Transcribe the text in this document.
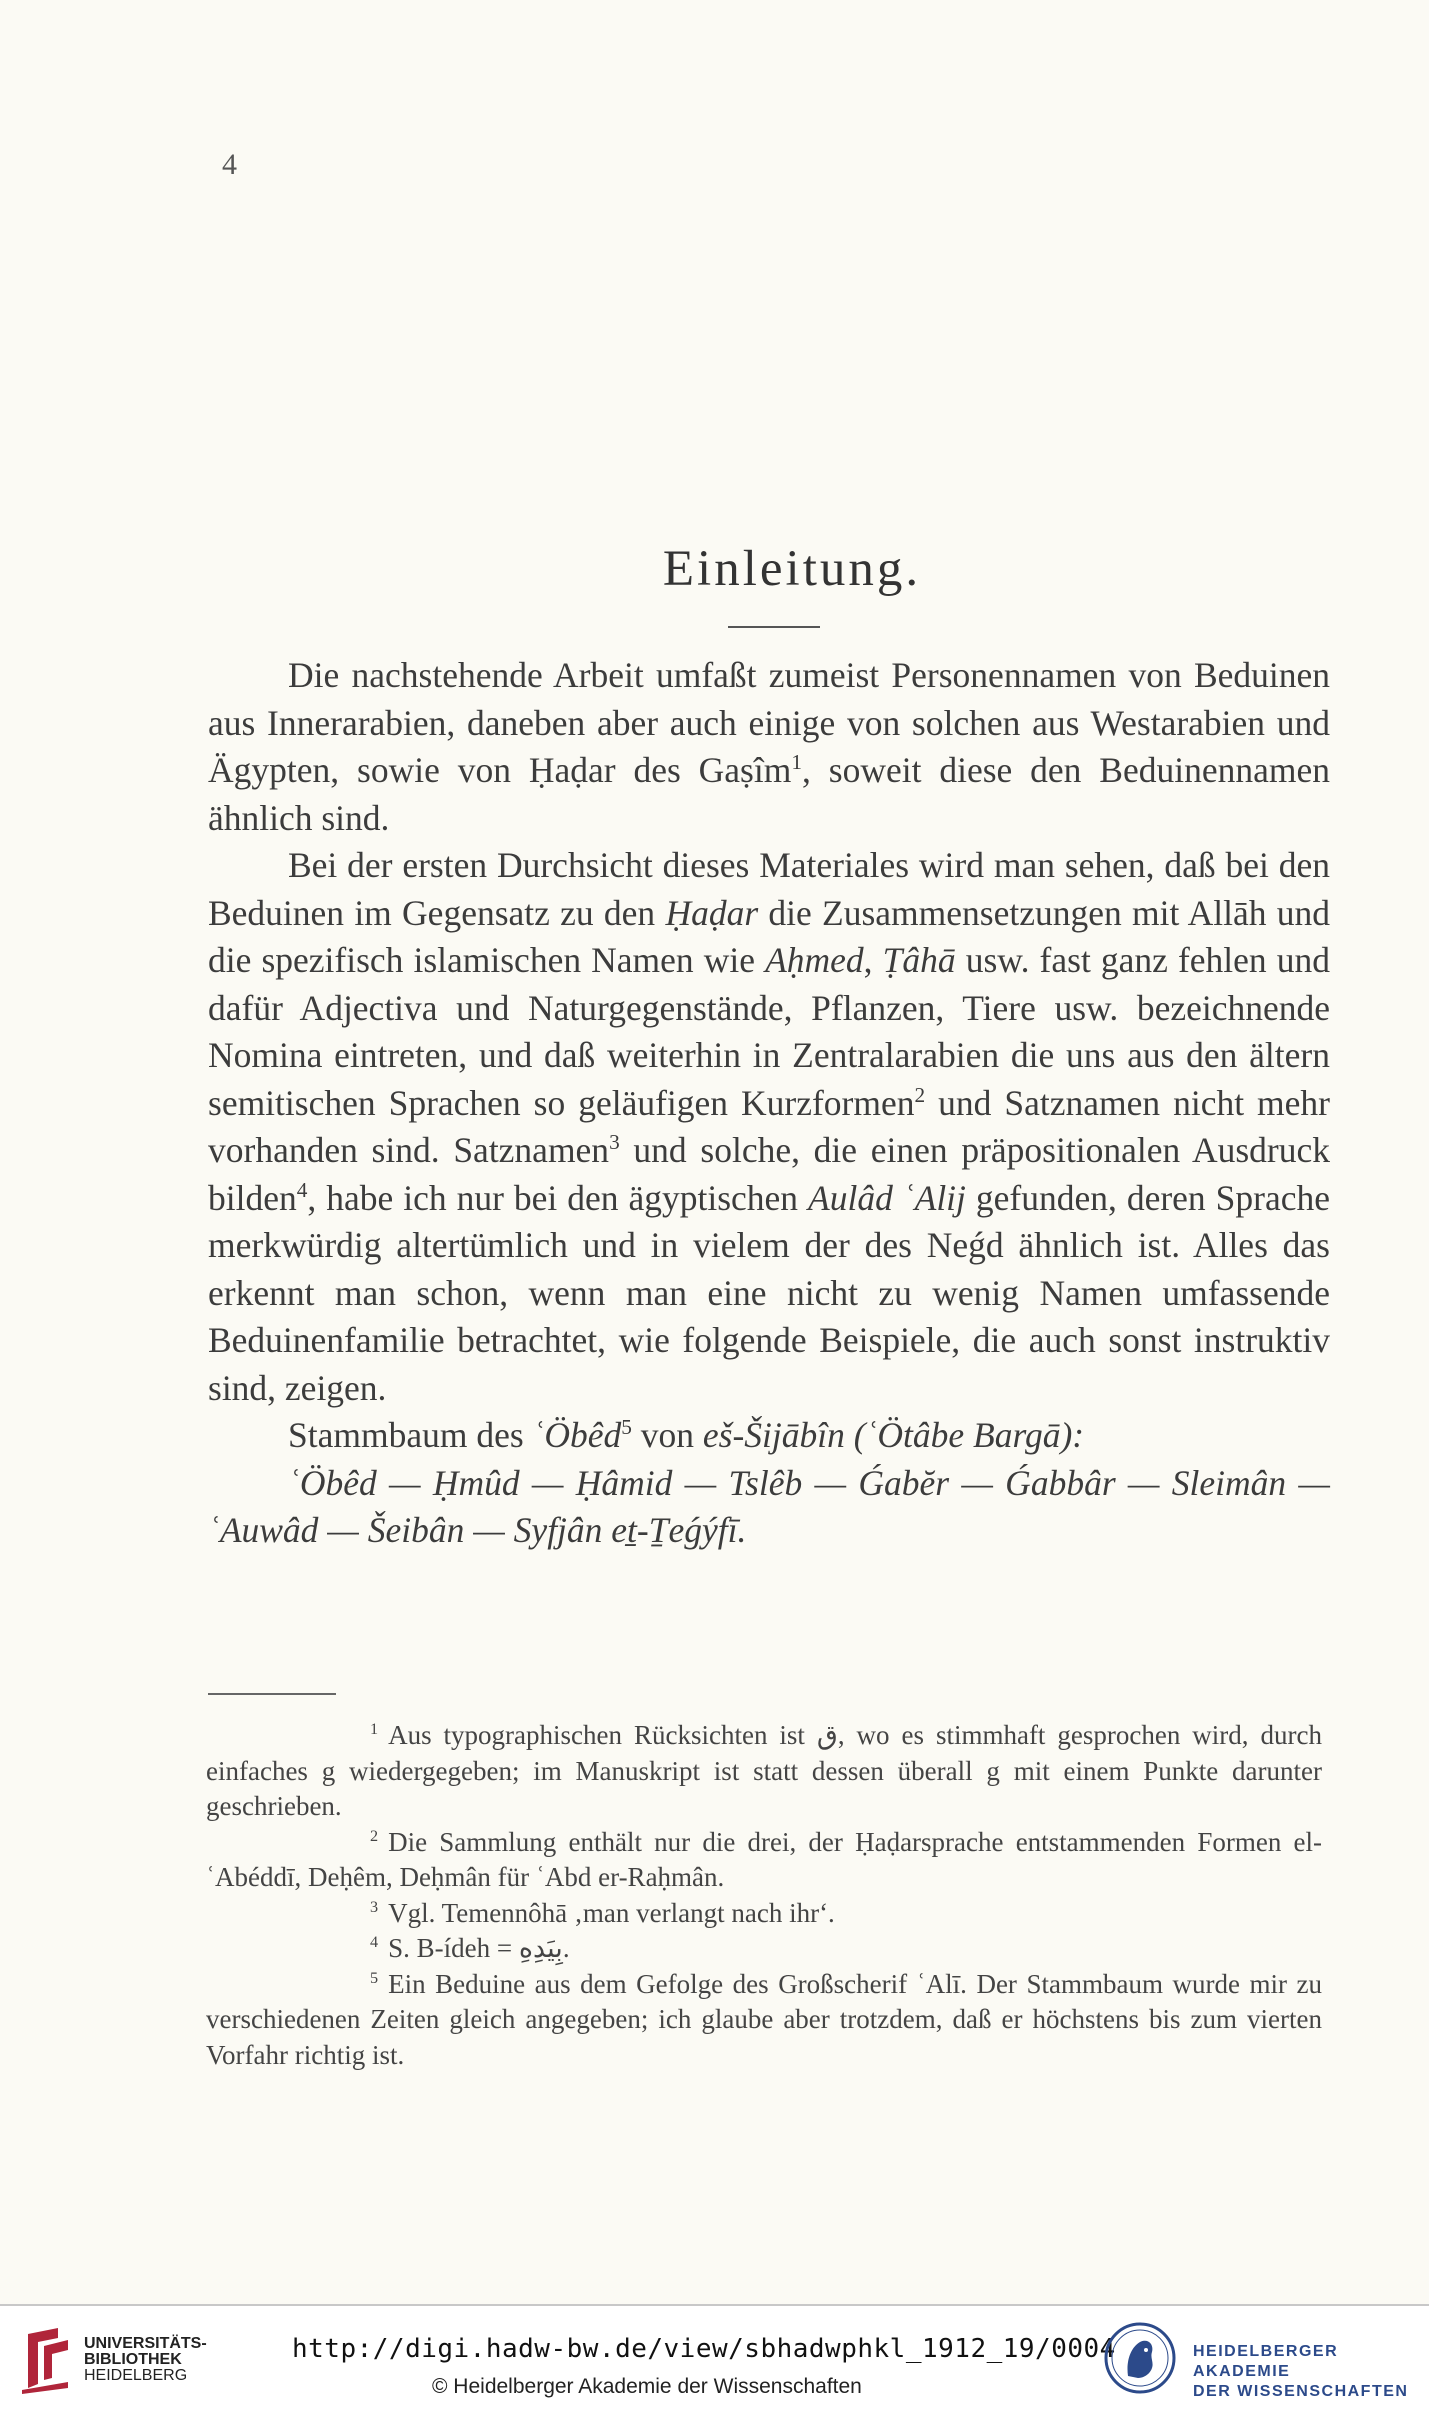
4
Einleitung.

Die nachstehende Arbeit umfaßt zumeist Personennamen von Beduinen aus Innerarabien, daneben aber auch einige von solchen aus Westarabien und Ägypten, sowie von Ḥaḍar des Gaṣîm$^1$, soweit diese den Beduinennamen ähnlich sind.

Bei der ersten Durchsicht dieses Materiales wird man sehen, daß bei den Beduinen im Gegensatz zu den Ḥaḍar die Zusammensetzungen mit Allāh und die spezifisch islamischen Namen wie Aḥmed, Ṭâhā usw. fast ganz fehlen und dafür Adjectiva und Naturgegenstände, Pflanzen, Tiere usw. bezeichnende Nomina eintreten, und daß weiterhin in Zentralarabien die uns aus den ältern semitischen Sprachen so geläufigen Kurzformen$^2$ und Satznamen nicht mehr vorhanden sind. Satznamen$^3$ und solche, die einen präpositionalen Ausdruck bilden$^4$, habe ich nur bei den ägyptischen Aulâd ʿAlij gefunden, deren Sprache merkwürdig altertümlich und in vielem der des Neǵd ähnlich ist. Alles das erkennt man schon, wenn man eine nicht zu wenig Namen umfassende Beduinenfamilie betrachtet, wie folgende Beispiele, die auch sonst instruktiv sind, zeigen.

Stammbaum des ʿÖbêd$^5$ von eš-Šijābîn (ʿÖtâbe Bargā):

ʿÖbêd — Ḥmûd — Ḥâmid — Tslêb — Ǵabĕr — Ǵabbâr — Sleimân — ʿAuwâd — Šeibân — Syfjân eṯ-Ṯeǵýfī.

$^1$ Aus typographischen Rücksichten ist ق, wo es stimmhaft gesprochen wird, durch einfaches g wiedergegeben; im Manuskript ist statt dessen überall g mit einem Punkte darunter geschrieben.

$^2$ Die Sammlung enthält nur die drei, der Ḥaḍarsprache entstammenden Formen el-ʿAbéddī, Deḥêm, Deḥmân für ʿAbd er-Raḥmân.

$^3$ Vgl. Temennôhā ‚man verlangt nach ihr‘.

$^4$ S. B-ídeh = بِيَدِهِ.

$^5$ Ein Beduine aus dem Gefolge des Großscherif ʿAlī. Der Stammbaum wurde mir zu verschiedenen Zeiten gleich angegeben; ich glaube aber trotzdem, daß er höchstens bis zum vierten Vorfahr richtig ist.

UNIVERSITÄTS-
BIBLIOTHEK
HEIDELBERG
http://digi.hadw-bw.de/view/sbhadwphkl_1912_19/0004
© Heidelberger Akademie der Wissenschaften
HEIDELBERGER AKADEMIE
DER WISSENSCHAFTEN
